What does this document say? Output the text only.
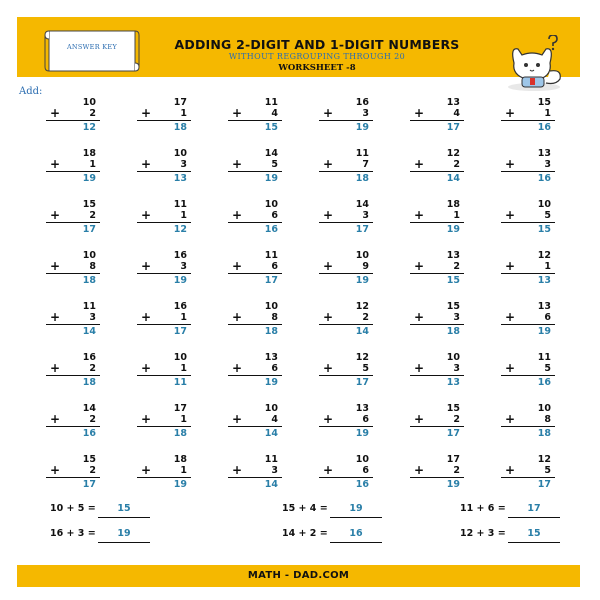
ANSWER KEY	ADDING 2-DIGIT AND 1-DIGIT NUMBERS
WITHOUT REGROUPING THROUGH 20
WORKSHEET -8
Add:
10
+	2
12
17
+	1
18
11
+	4
15
16
+	3
19
13
+	4
17
15
+	1
16
18
+	1
19
10
+	3
13
14
+	5
19
11
+	7
18
12
+	2
14
13
+	3
16
15
+	2
17
11
+	1
12
10
+	6
16
14
+	3
17
18
+	1
19
10
+	5
15
10
+	8
18
16
+	3
19
11
+	6
17
10
+	9
19
13
+	2
15
12
+	1
13
11
+	3
14
16
+	1
17
10
+	8
18
12
+	2
14
15
+	3
18
13
+	6
19
16
+	2
18
10
+	1
11
13
+	6
19
12
+	5
17
10
+	3
13
11
+	5
16
14
+	2
16
17
+	1
18
10
+	4
14
13
+	6
19
15
+	2
17
10
+	8
18
15
+	2
17
18
+	1
19
11
+	3
14
10
+	6
16
17
+	2
19
12
+	5
17
10 + 5 =	15	15 + 4 =	19	11 + 6 =	17
16 + 3 =	19	14 + 2 =	16	12 + 3 =	15
MATH - DAD.COM
